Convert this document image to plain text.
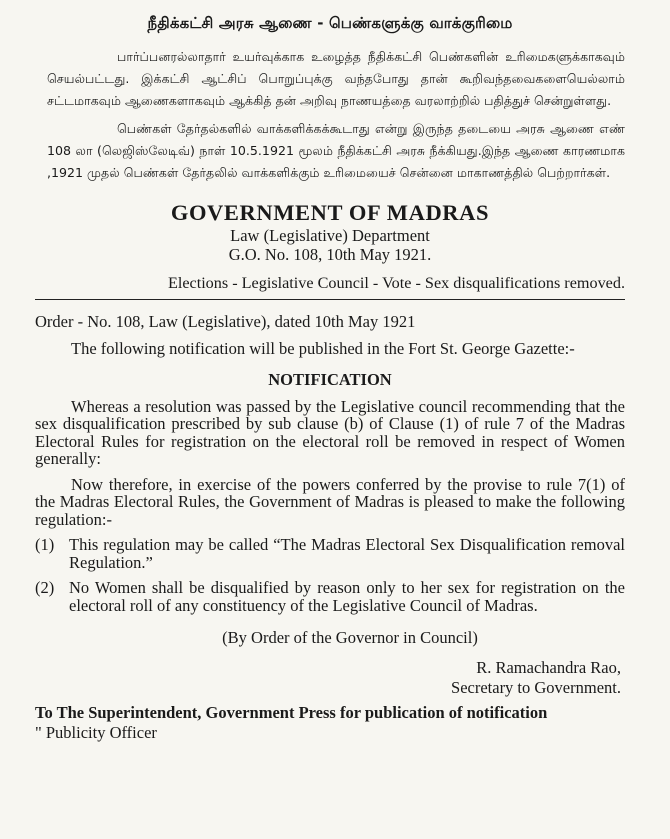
நீதிக்கட்சி அரசு ஆணை - பெண்களுக்கு வாக்குரிமை

பார்ப்பனரல்லாதார் உயர்வுக்காக உழைத்த நீதிக்கட்சி பெண்களின் உரிமைகளுக்காகவும் செயல்பட்டது. இக்கட்சி ஆட்சிப் பொறுப்புக்கு வந்தபோது தான் கூறிவந்தவைகளையெல்லாம் சட்டமாகவும் ஆணைகளாகவும் ஆக்கித் தன் அறிவு நாணயத்தை வரலாற்றில் பதித்துச் சென்றுள்ளது.

பெண்கள் தேர்தல்களில் வாக்களிக்கக்கூடாது என்று இருந்த தடையை அரசு ஆணை எண் 108 லா (லெஜிஸ்லேடிவ்) நாள் 10.5.1921 மூலம் நீதிக்கட்சி அரசு நீக்கியது.இந்த ஆணை காரணமாக ,1921 முதல் பெண்கள் தேர்தலில் வாக்களிக்கும் உரிமையைச் சென்னை மாகாணத்தில் பெற்றார்கள்.

GOVERNMENT OF MADRAS
Law (Legislative) Department
G.O. No. 108, 10th May 1921.
Elections - Legislative Council - Vote - Sex disqualifications removed.
Order - No. 108, Law (Legislative), dated 10th May 1921

The following notification will be published in the Fort St. George Gazette:-

NOTIFICATION

Whereas a resolution was passed by the Legislative council recommending that the sex disqualification prescribed by sub clause (b) of Clause (1) of rule 7 of the Madras Electoral Rules for registration on the electoral roll be removed in respect of Women generally:

Now therefore, in exercise of the powers conferred by the provise to rule 7(1) of the Madras Electoral Rules, the Government of Madras is pleased to make the following regulation:-

(1) This regulation may be called “The Madras Electoral Sex Disqualification removal Regulation.”
(2) No Women shall be disqualified by reason only to her sex for registration on the electoral roll of any constituency of the Legislative Council of Madras.
(By Order of the Governor in Council)
R. Ramachandra Rao,
Secretary to Government.
To The Superintendent, Government Press for publication of notification
" Publicity Officer
